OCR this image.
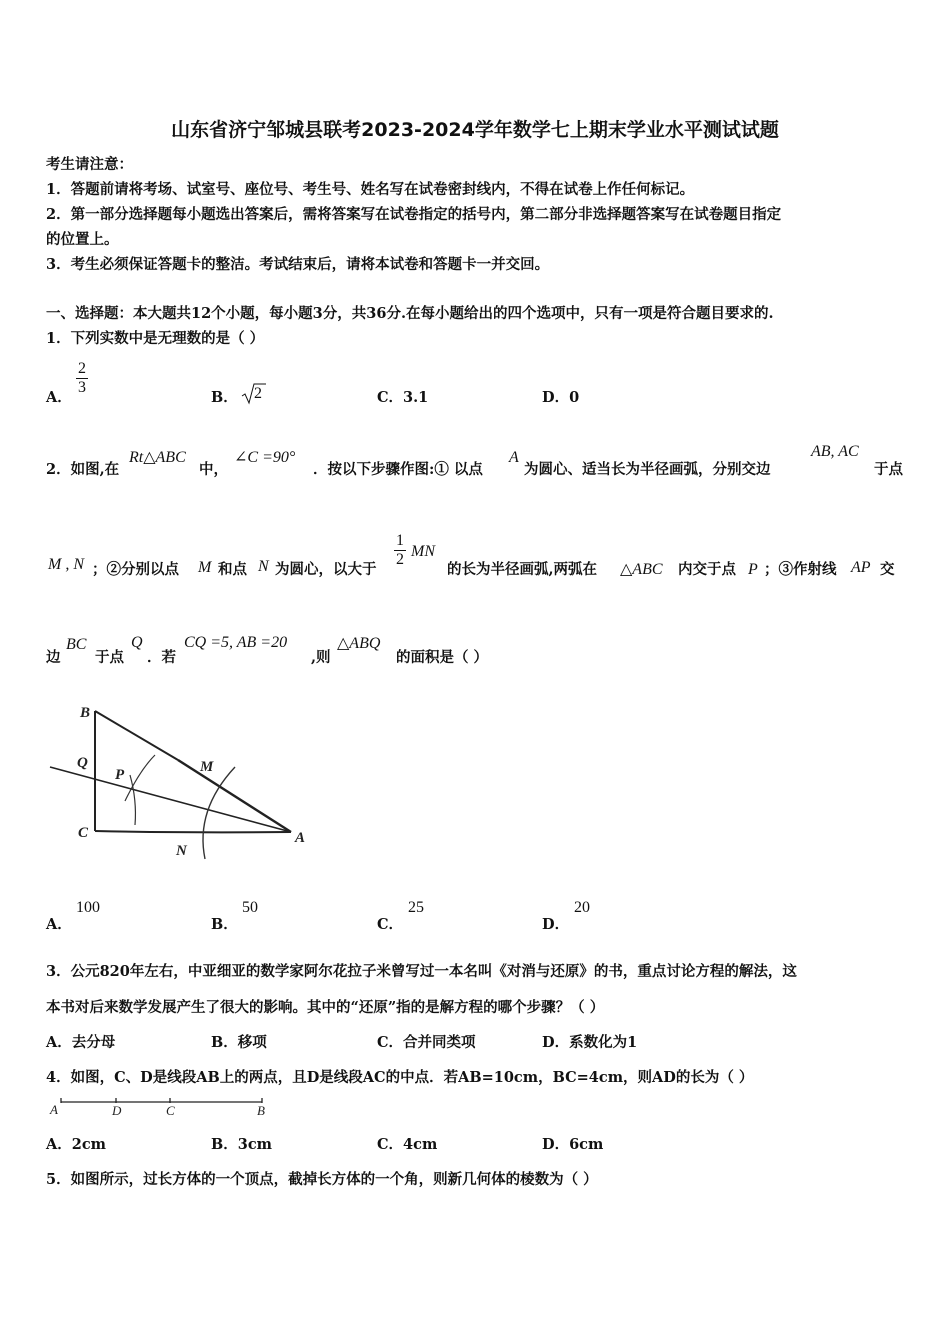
山东省济宁邹城县联考2023-2024学年数学七上期末学业水平测试试题
考生请注意：
1．答题前请将考场、试室号、座位号、考生号、姓名写在试卷密封线内，不得在试卷上作任何标记。
2．第一部分选择题每小题选出答案后，需将答案写在试卷指定的括号内，第二部分非选择题答案写在试卷题目指定
的位置上。
3．考生必须保证答题卡的整洁。考试结束后，请将本试卷和答题卡一并交回。
一、选择题：本大题共12个小题，每小题3分，共36分.在每小题给出的四个选项中，只有一项是符合题目要求的.
1．下列实数中是无理数的是（ ）
A．
$\frac{2}{3}$
B． 2	C．3.1	D．0
2．如图,在
Rt△ABC
中，
∠C =90°
．按以下步骤作图:① 以点
A
为圆心、适当长为半径画弧，分别交边
AB, AC
于点
M , N ；②分别以点 M 和点 N 为圆心，以大于
$\frac{1}{2}$ MN
的长为半径画弧,两弧在 △ABC 内交于点 P ；③作射线 AP 交
边
BC
于点
Q
．若
CQ =5, AB =20
,则
△ABQ
的面积是（ ）
B
Q
P	M
C
N
A
A．
100
B．
50
C．
25
D．
20
3．公元820年左右，中亚细亚的数学家阿尔花拉子米曾写过一本名叫《对消与还原》的书，重点讨论方程的解法，这
本书对后来数学发展产生了很大的影响。其中的“还原”指的是解方程的哪个步骤？（ ）
A．去分母	B．移项	C．合并同类项	D．系数化为1
4．如图，C、D是线段AB上的两点，且D是线段AC的中点．若AB=10cm，BC=4cm，则AD的长为（ ）
A	D	C	B
A．2cm	B．3cm	C．4cm	D．6cm
5．如图所示，过长方体的一个顶点，截掉长方体的一个角，则新几何体的棱数为（ ）
